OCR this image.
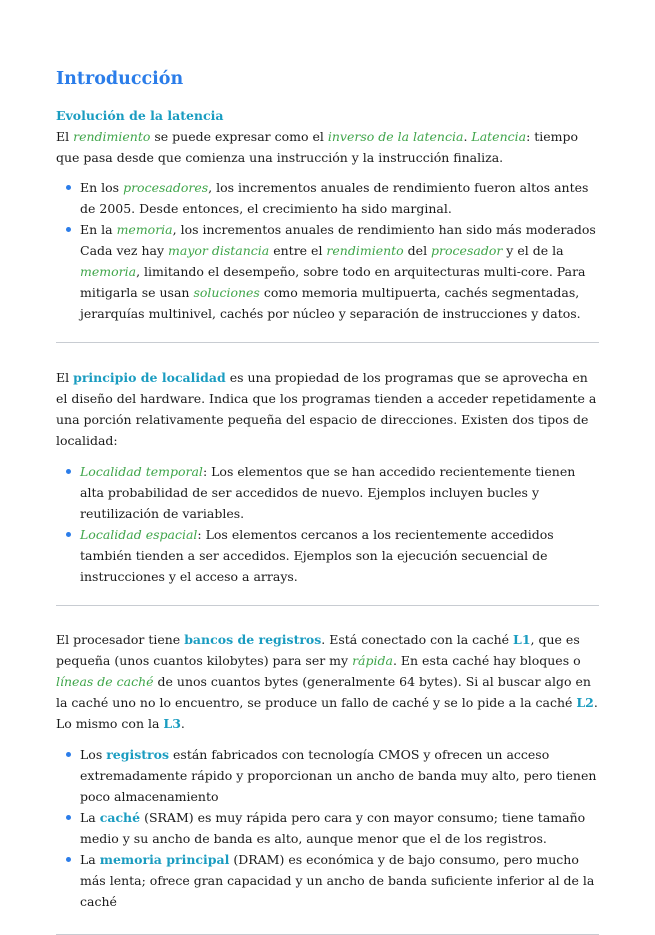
Introducción
Evolución de la latencia

El rendimiento se puede expresar como el inverso de la latencia. Latencia: tiempo que pasa desde que comienza una instrucción y la instrucción finaliza.

En los procesadores, los incrementos anuales de rendimiento fueron altos antes de 2005. Desde entonces, el crecimiento ha sido marginal.
En la memoria, los incrementos anuales de rendimiento han sido más moderados
Cada vez hay mayor distancia entre el rendimiento del procesador y el de la memoria, limitando el desempeño, sobre todo en arquitecturas multi-core. Para mitigarla se usan soluciones como memoria multipuerta, cachés segmentadas, jerarquías multinivel, cachés por núcleo y separación de instrucciones y datos.

El principio de localidad es una propiedad de los programas que se aprovecha en el diseño del hardware. Indica que los programas tienden a acceder repetidamente a una porción relativamente pequeña del espacio de direcciones. Existen dos tipos de localidad:

Localidad temporal: Los elementos que se han accedido recientemente tienen alta probabilidad de ser accedidos de nuevo. Ejemplos incluyen bucles y reutilización de variables.
Localidad espacial: Los elementos cercanos a los recientemente accedidos también tienden a ser accedidos. Ejemplos son la ejecución secuencial de instrucciones y el acceso a arrays.

El procesador tiene bancos de registros. Está conectado con la caché L1, que es pequeña (unos cuantos kilobytes) para ser my rápida. En esta caché hay bloques o líneas de caché de unos cuantos bytes (generalmente 64 bytes). Si al buscar algo en la caché uno no lo encuentro, se produce un fallo de caché y se lo pide a la caché L2. Lo mismo con la L3.

Los registros están fabricados con tecnología CMOS y ofrecen un acceso extremadamente rápido y proporcionan un ancho de banda muy alto, pero tienen poco almacenamiento
La caché (SRAM) es muy rápida pero cara y con mayor consumo; tiene tamaño medio y su ancho de banda es alto, aunque menor que el de los registros.
La memoria principal (DRAM) es económica y de bajo consumo, pero mucho más lenta; ofrece gran capacidad y un ancho de banda suficiente inferior al de la caché
